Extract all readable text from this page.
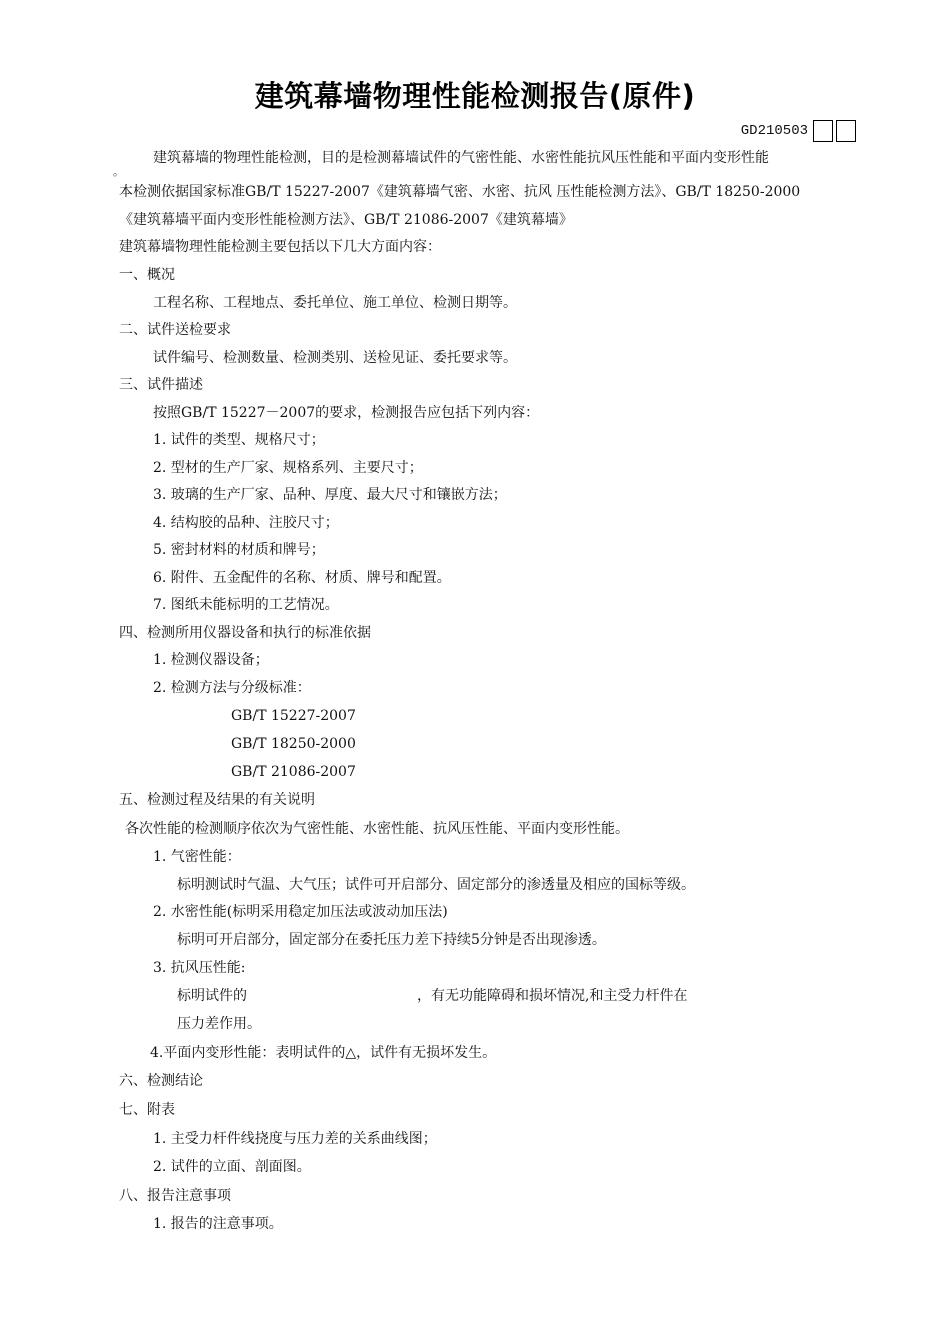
建筑幕墙物理性能检测报告(原件)
GD210503
建筑幕墙的物理性能检测，目的是检测幕墙试件的气密性能、水密性能抗风压性能和平面内变形性能
。
本检测依据国家标准GB/T 15227-2007《建筑幕墙气密、水密、抗风 压性能检测方法》、GB/T 18250-2000
《建筑幕墙平面内变形性能检测方法》、GB/T 21086-2007《建筑幕墙》
建筑幕墙物理性能检测主要包括以下几大方面内容：
一、概况
工程名称、工程地点、委托单位、施工单位、检测日期等。
二、试件送检要求
试件编号、检测数量、检测类别、送检见证、委托要求等。
三、试件描述
按照GB/T 15227－2007的要求，检测报告应包括下列内容：
1. 试件的类型、规格尺寸；
2. 型材的生产厂家、规格系列、主要尺寸；
3. 玻璃的生产厂家、品种、厚度、最大尺寸和镶嵌方法；
4. 结构胶的品种、注胶尺寸；
5. 密封材料的材质和牌号；
6. 附件、五金配件的名称、材质、牌号和配置。
7. 图纸未能标明的工艺情况。
四、检测所用仪器设备和执行的标准依据
1. 检测仪器设备；
2. 检测方法与分级标准：
GB/T 15227-2007
GB/T 18250-2000
GB/T 21086-2007
五、检测过程及结果的有关说明
各次性能的检测顺序依次为气密性能、水密性能、抗风压性能、平面内变形性能。
1. 气密性能：
标明测试时气温、大气压；试件可开启部分、固定部分的渗透量及相应的国标等级。
2. 水密性能(标明采用稳定加压法或波动加压法)
标明可开启部分，固定部分在委托压力差下持续5分钟是否出现渗透。
3. 抗风压性能:
标明试件的	，有无功能障碍和损坏情况,和主受力杆件在
压力差作用。
4.平面内变形性能：表明试件的△，试件有无损坏发生。
六、检测结论
七、附表
1. 主受力杆件线挠度与压力差的关系曲线图；
2. 试件的立面、剖面图。
八、报告注意事项
1. 报告的注意事项。
